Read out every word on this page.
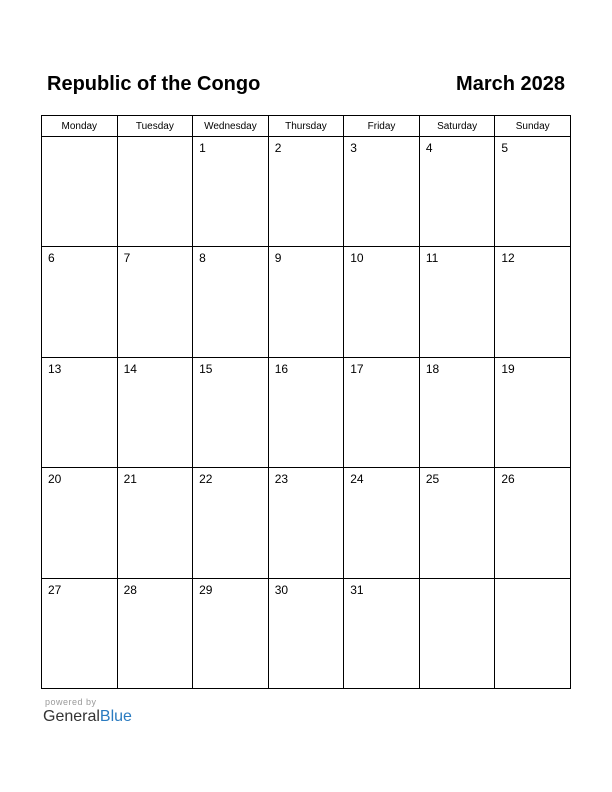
Republic of the Congo	March 2028
Monday	Tuesday	Wednesday	Thursday	Friday	Saturday	Sunday

		1	2	3	4	5

6	7	8	9	10	11	12

13	14	15	16	17	18	19

20	21	22	23	24	25	26

27	28	29	30	31		

powered by
GeneralBlue
